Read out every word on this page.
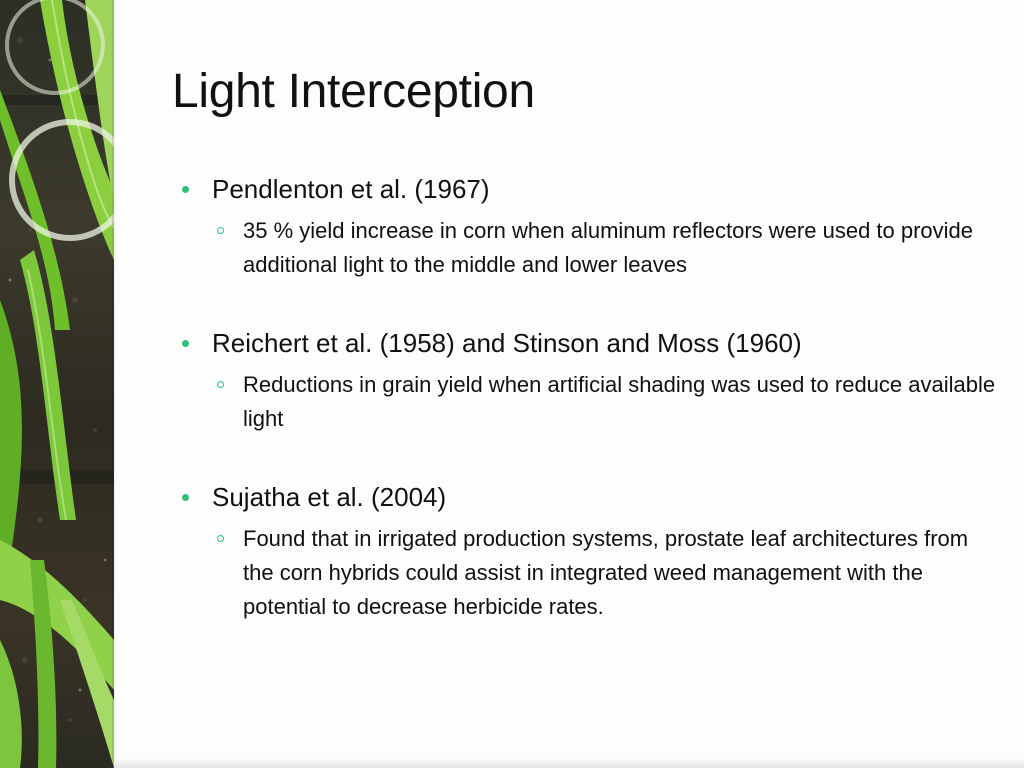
Light Interception
Pendlenton et al. (1967)
35 % yield increase in corn when aluminum reflectors were used to provide additional light to the middle and lower leaves
Reichert et al. (1958) and Stinson and Moss (1960)
Reductions in grain yield when artificial shading was used to reduce available light
Sujatha et al. (2004)
Found that in irrigated production systems, prostate leaf architectures from the corn hybrids could assist in integrated weed management with the potential to decrease herbicide rates.
